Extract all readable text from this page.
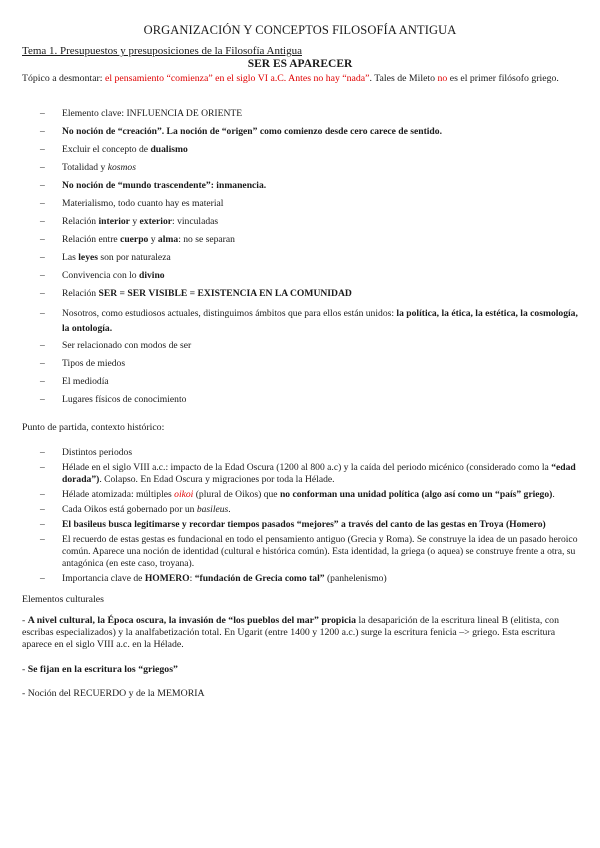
ORGANIZACIÓN Y CONCEPTOS FILOSOFÍA ANTIGUA
Tema 1. Presupuestos y presuposiciones de la Filosofía Antigua
SER ES APARECER
Tópico a desmontar: el pensamiento “comienza” en el siglo VI a.C. Antes no hay “nada”. Tales de Mileto no es el primer filósofo griego.
– Elemento clave: INFLUENCIA DE ORIENTE
– No noción de “creación”. La noción de “origen” como comienzo desde cero carece de sentido.
– Excluir el concepto de dualismo
– Totalidad y kosmos
– No noción de “mundo trascendente”: inmanencia.
– Materialismo, todo cuanto hay es material
– Relación interior y exterior: vinculadas
– Relación entre cuerpo y alma: no se separan
– Las leyes son por naturaleza
– Convivencia con lo divino
– Relación SER = SER VISIBLE = EXISTENCIA EN LA COMUNIDAD
– Nosotros, como estudiosos actuales, distinguimos ámbitos que para ellos están unidos: la política, la ética, la estética, la cosmología, la ontología.
– Ser relacionado con modos de ser
– Tipos de miedos
– El mediodía
– Lugares físicos de conocimiento
Punto de partida, contexto histórico:
– Distintos periodos
– Hélade en el siglo VIII a.c.: impacto de la Edad Oscura (1200 al 800 a.c) y la caída del periodo micénico (considerado como la “edad dorada”). Colapso. En Edad Oscura y migraciones por toda la Hélade.
– Hélade atomizada: múltiples oikoi (plural de Oikos) que no conforman una unidad política (algo así como un “país” griego).
– Cada Oikos está gobernado por un basileus.
– El basileus busca legitimarse y recordar tiempos pasados “mejores” a través del canto de las gestas en Troya (Homero)
– El recuerdo de estas gestas es fundacional en todo el pensamiento antiguo (Grecia y Roma). Se construye la idea de un pasado heroico común. Aparece una noción de identidad (cultural e histórica común). Esta identidad, la griega (o aquea) se construye frente a otra, su antagónica (en este caso, troyana).
– Importancia clave de HOMERO: “fundación de Grecia como tal” (panhelenismo)
Elementos culturales
- A nivel cultural, la Época oscura, la invasión de “los pueblos del mar” propicia la desaparición de la escritura lineal B (elitista, con escribas especializados) y la analfabetización total. En Ugarit (entre 1400 y 1200 a.c.) surge la escritura fenicia –> griego. Esta escritura aparece en el siglo VIII a.c. en la Hélade.
- Se fijan en la escritura los “griegos”
- Noción del RECUERDO y de la MEMORIA
